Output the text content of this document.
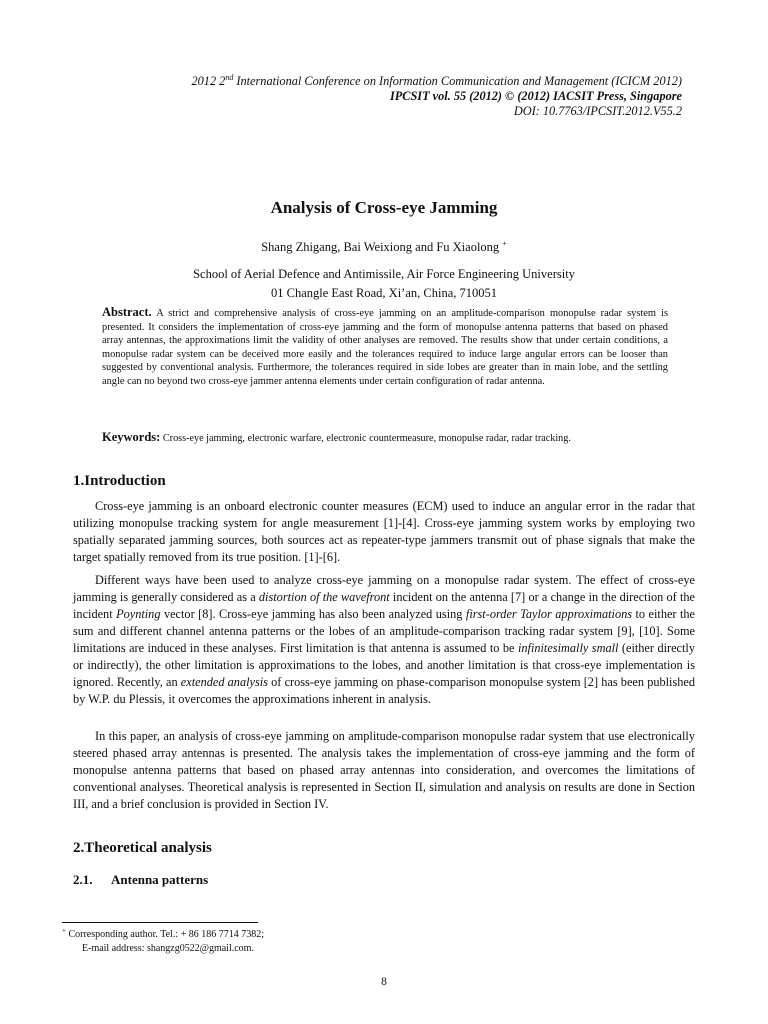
2012 2nd International Conference on Information Communication and Management (ICICM 2012)
IPCSIT vol. 55 (2012) © (2012) IACSIT Press, Singapore
DOI: 10.7763/IPCSIT.2012.V55.2
Analysis of Cross-eye Jamming
Shang Zhigang, Bai Weixiong and Fu Xiaolong +
School of Aerial Defence and Antimissile, Air Force Engineering University
01 Changle East Road, Xi’an, China, 710051
Abstract. A strict and comprehensive analysis of cross-eye jamming on an amplitude-comparison monopulse radar system is presented. It considers the implementation of cross-eye jamming and the form of monopulse antenna patterns that based on phased array antennas, the approximations limit the validity of other analyses are removed. The results show that under certain conditions, a monopulse radar system can be deceived more easily and the tolerances required to induce large angular errors can be looser than suggested by conventional analysis. Furthermore, the tolerances required in side lobes are greater than in main lobe, and the settling angle can no beyond two cross-eye jammer antenna elements under certain configuration of radar antenna.
Keywords: Cross-eye jamming, electronic warfare, electronic countermeasure, monopulse radar, radar tracking.
1.Introduction

Cross-eye jamming is an onboard electronic counter measures (ECM) used to induce an angular error in the radar that utilizing monopulse tracking system for angle measurement [1]-[4]. Cross-eye jamming system works by employing two spatially separated jamming sources, both sources act as repeater-type jammers transmit out of phase signals that make the target spatially removed from its true position. [1]-[6].

Different ways have been used to analyze cross-eye jamming on a monopulse radar system. The effect of cross-eye jamming is generally considered as a distortion of the wavefront incident on the antenna [7] or a change in the direction of the incident Poynting vector [8]. Cross-eye jamming has also been analyzed using first-order Taylor approximations to either the sum and different channel antenna patterns or the lobes of an amplitude-comparison tracking radar system [9], [10]. Some limitations are induced in these analyses. First limitation is that antenna is assumed to be infinitesimally small (either directly or indirectly), the other limitation is approximations to the lobes, and another limitation is that cross-eye implementation is ignored. Recently, an extended analysis of cross-eye jamming on phase-comparison monopulse system [2] has been published by W.P. du Plessis, it overcomes the approximations inherent in analysis.

In this paper, an analysis of cross-eye jamming on amplitude-comparison monopulse radar system that use electronically steered phased array antennas is presented. The analysis takes the implementation of cross-eye jamming and the form of monopulse antenna patterns that based on phased array antennas into consideration, and overcomes the limitations of conventional analyses. Theoretical analysis is represented in Section II, simulation and analysis on results are done in Section III, and a brief conclusion is provided in Section IV.

2.Theoretical analysis
2.1. Antenna patterns
+ Corresponding author. Tel.: + 86 186 7714 7382;
E-mail address: shangzg0522@gmail.com.
8
